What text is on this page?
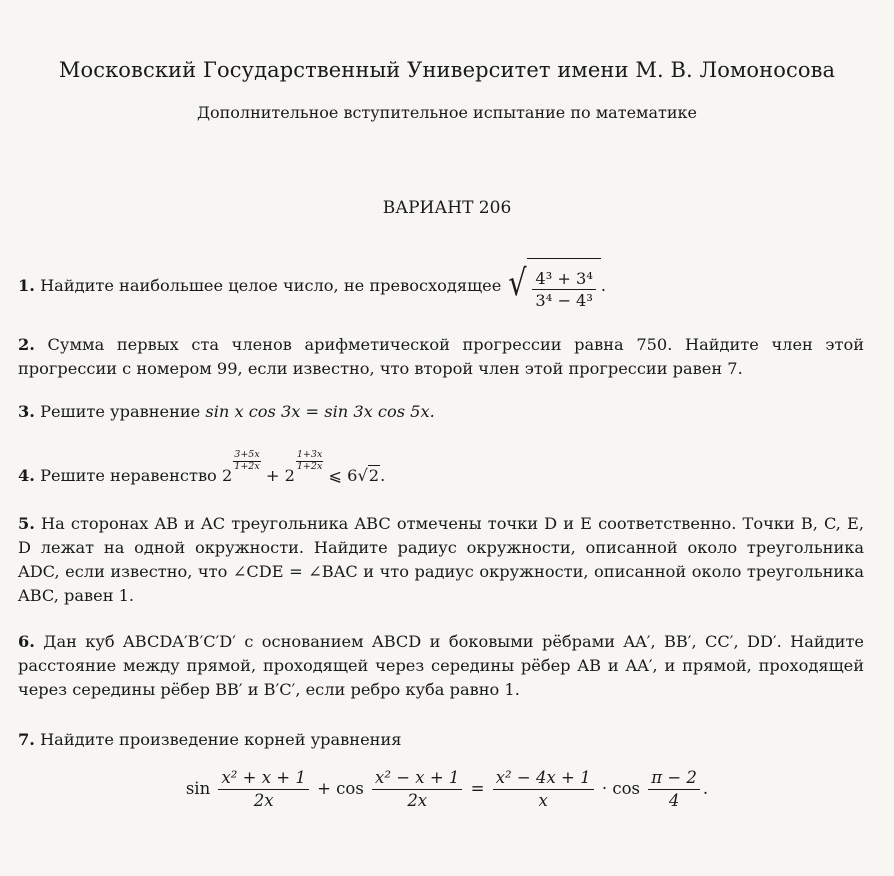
Московский Государственный Университет имени М. В. Ломоносова
Дополнительное вступительное испытание по математике
ВАРИАНТ 206
1. Найдите наибольшее целое число, не превосходящее √ $\frac{\text{4³ + 3⁴}}{\text{3⁴ − 4³}}$ .
2. Сумма первых ста членов арифметической прогрессии равна 750. Найдите член этой прогрессии с номером 99, если известно, что второй член этой прогрессии равен 7.
3. Решите уравнение sin x cos 3x = sin 3x cos 5x.
4. Решите неравенство 2
$\frac{3+5x}{1+2x}$
+ 2
$\frac{1+3x}{1+2x}$
⩽ 6√2.
5. На сторонах AB и AC треугольника ABC отмечены точки D и E соответственно. Точки B, C, E, D лежат на одной окружности. Найдите радиус окружности, описанной около треугольника ADC, если известно, что ∠CDE = ∠BAC и что радиус окружности, описанной около треугольника ABC, равен 1.
6. Дан куб ABCDA′B′C′D′ с основанием ABCD и боковыми рёбрами AA′, BB′, CC′, DD′. Найдите расстояние между прямой, проходящей через середины рёбер AB и AA′, и прямой, проходящей через середины рёбер BB′ и B′C′, если ребро куба равно 1.
7. Найдите произведение корней уравнения
$\sin \frac{\text{x² + x + 1}}{2x} + \cos \frac{\text{x² − x + 1}}{2x} = \frac{\text{x² − 4x + 1}}{x} \cdot \cos \frac{\pi - 2}{4}$ .
